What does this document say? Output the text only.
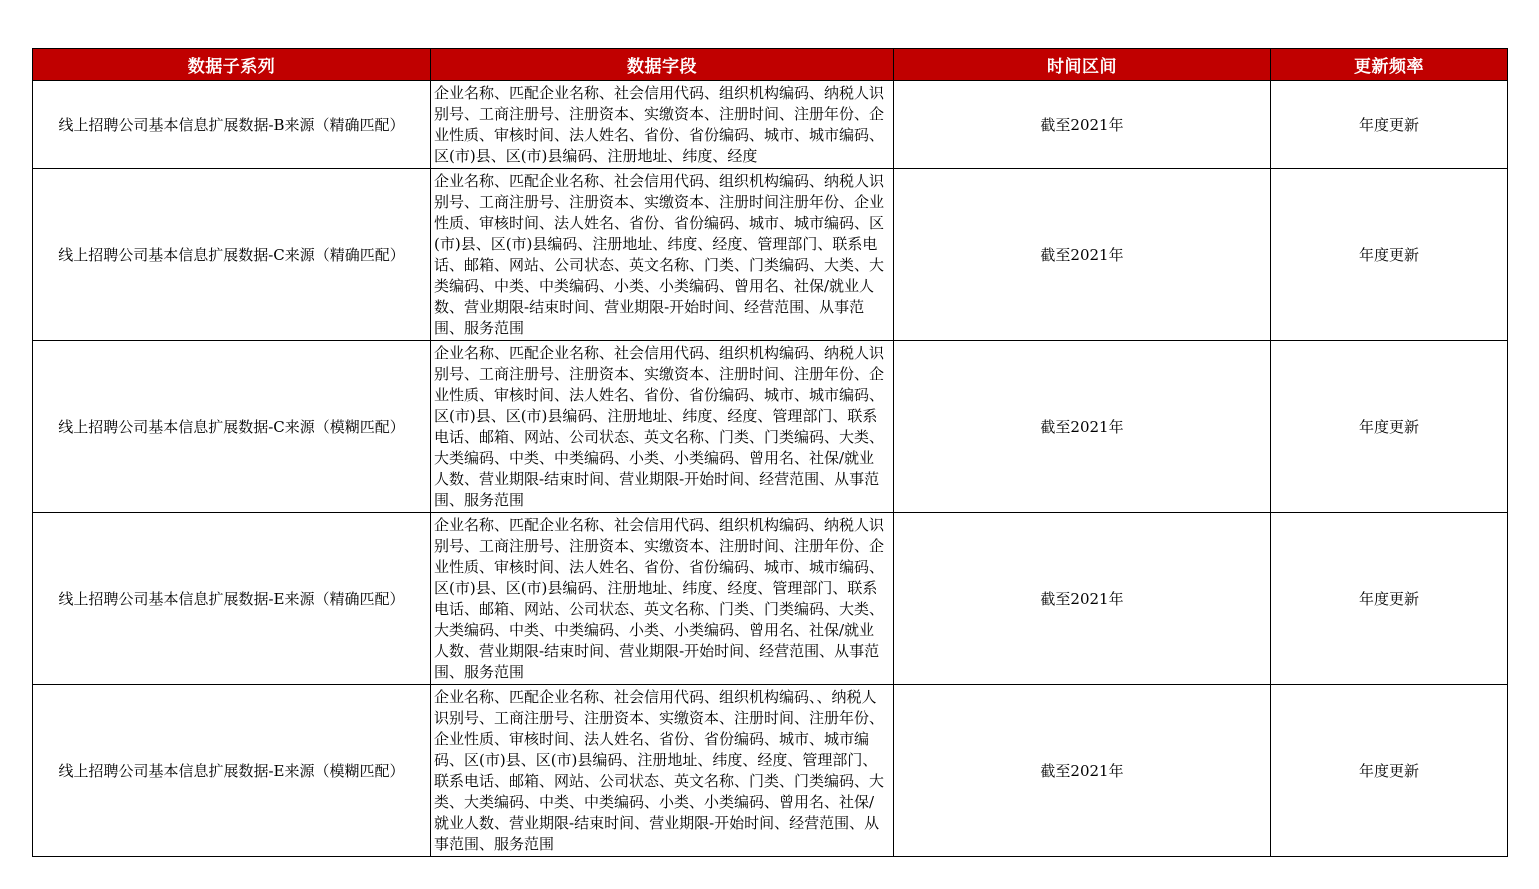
数据子系列	数据字段	时间区间	更新频率
线上招聘公司基本信息扩展数据-B来源（精确匹配）	企业名称、匹配企业名称、社会信用代码、组织机构编码、纳税人识别号、工商注册号、注册资本、实缴资本、注册时间、注册年份、企业性质、审核时间、法人姓名、省份、省份编码、城市、城市编码、区(市)县、区(市)县编码、注册地址、纬度、经度	截至2021年	年度更新
线上招聘公司基本信息扩展数据-C来源（精确匹配）	企业名称、匹配企业名称、社会信用代码、组织机构编码、纳税人识别号、工商注册号、注册资本、实缴资本、注册时间注册年份、企业性质、审核时间、法人姓名、省份、省份编码、城市、城市编码、区(市)县、区(市)县编码、注册地址、纬度、经度、管理部门、联系电话、邮箱、网站、公司状态、英文名称、门类、门类编码、大类、大类编码、中类、中类编码、小类、小类编码、曾用名、社保/就业人数、营业期限-结束时间、营业期限-开始时间、经营范围、从事范围、服务范围	截至2021年	年度更新
线上招聘公司基本信息扩展数据-C来源（模糊匹配）	企业名称、匹配企业名称、社会信用代码、组织机构编码、纳税人识别号、工商注册号、注册资本、实缴资本、注册时间、注册年份、企业性质、审核时间、法人姓名、省份、省份编码、城市、城市编码、区(市)县、区(市)县编码、注册地址、纬度、经度、管理部门、联系电话、邮箱、网站、公司状态、英文名称、门类、门类编码、大类、大类编码、中类、中类编码、小类、小类编码、曾用名、社保/就业人数、营业期限-结束时间、营业期限-开始时间、经营范围、从事范围、服务范围	截至2021年	年度更新
线上招聘公司基本信息扩展数据-E来源（精确匹配）	企业名称、匹配企业名称、社会信用代码、组织机构编码、纳税人识别号、工商注册号、注册资本、实缴资本、注册时间、注册年份、企业性质、审核时间、法人姓名、省份、省份编码、城市、城市编码、区(市)县、区(市)县编码、注册地址、纬度、经度、管理部门、联系电话、邮箱、网站、公司状态、英文名称、门类、门类编码、大类、大类编码、中类、中类编码、小类、小类编码、曾用名、社保/就业人数、营业期限-结束时间、营业期限-开始时间、经营范围、从事范围、服务范围	截至2021年	年度更新
线上招聘公司基本信息扩展数据-E来源（模糊匹配）	企业名称、匹配企业名称、社会信用代码、组织机构编码、、纳税人识别号、工商注册号、注册资本、实缴资本、注册时间、注册年份、企业性质、审核时间、法人姓名、省份、省份编码、城市、城市编码、区(市)县、区(市)县编码、注册地址、纬度、经度、管理部门、联系电话、邮箱、网站、公司状态、英文名称、门类、门类编码、大类、大类编码、中类、中类编码、小类、小类编码、曾用名、社保/就业人数、营业期限-结束时间、营业期限-开始时间、经营范围、从事范围、服务范围	截至2021年	年度更新
